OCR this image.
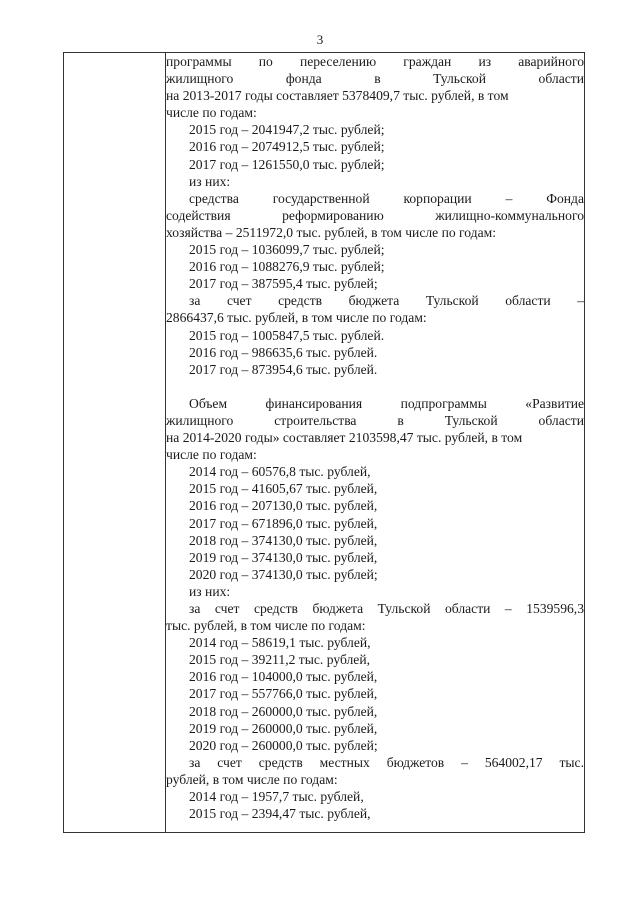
3

программы по переселению граждан из аварийного
жилищного фонда в Тульской области
на 2013-2017 годы составляет 5378409,7 тыс. рублей, в том
числе по годам:
2015 год – 2041947,2 тыс. рублей;
2016 год – 2074912,5 тыс. рублей;
2017 год – 1261550,0 тыс. рублей;
из них:
средства государственной корпорации – Фонда
содействия реформированию жилищно-коммунального
хозяйства – 2511972,0 тыс. рублей, в том числе по годам:
2015 год – 1036099,7 тыс. рублей;
2016 год – 1088276,9 тыс. рублей;
2017 год – 387595,4 тыс. рублей;
за счет средств бюджета Тульской области –
2866437,6 тыс. рублей, в том числе по годам:
2015 год – 1005847,5 тыс. рублей.
2016 год – 986635,6 тыс. рублей.
2017 год – 873954,6 тыс. рублей.
Объем финансирования подпрограммы «Развитие
жилищного строительства в Тульской области
на 2014-2020 годы» составляет 2103598,47 тыс. рублей, в том
числе по годам:
2014 год – 60576,8 тыс. рублей,
2015 год – 41605,67 тыс. рублей,
2016 год – 207130,0 тыс. рублей,
2017 год – 671896,0 тыс. рублей,
2018 год – 374130,0 тыс. рублей,
2019 год – 374130,0 тыс. рублей,
2020 год – 374130,0 тыс. рублей;
из них:
за счет средств бюджета Тульской области – 1539596,3
тыс. рублей, в том числе по годам:
2014 год – 58619,1 тыс. рублей,
2015 год – 39211,2 тыс. рублей,
2016 год – 104000,0 тыс. рублей,
2017 год – 557766,0 тыс. рублей,
2018 год – 260000,0 тыс. рублей,
2019 год – 260000,0 тыс. рублей,
2020 год – 260000,0 тыс. рублей;
за счет средств местных бюджетов – 564002,17 тыс.
рублей, в том числе по годам:
2014 год – 1957,7 тыс. рублей,
2015 год – 2394,47 тыс. рублей,
